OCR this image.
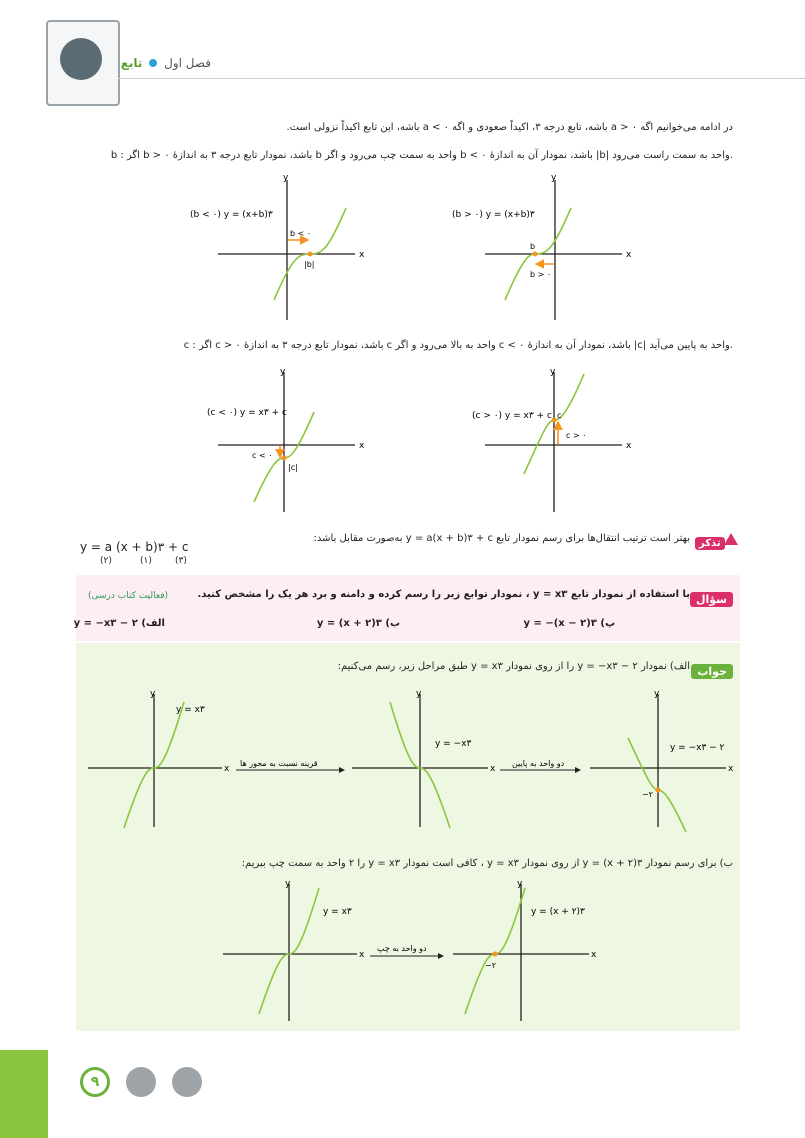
فصل اول  تابع
در ادامه می‌خوانیم اگه a > ۰ باشه، تابع درجه ۳، اکیداً صعودی و اگه a < ۰ باشه، این تابع اکیداً نزولی است.
b : اگر b > ۰ باشد، نمودار تابع درجه ۳ به اندازهٔ b واحد به سمت چپ می‌رود و اگر b < ۰ باشد، نمودار آن به اندازهٔ |b| واحد به سمت راست می‌رود.
x
y
(b < ۰) y = (x+b)۳
b < ۰
|b|
x
y
(b > ۰) y = (x+b)۳
b
b > ۰
c : اگر c > ۰ باشد، نمودار تابع درجه ۳ به اندازهٔ c واحد به بالا می‌رود و اگر c < ۰ باشد، نمودار آن به اندازهٔ |c| واحد به پایین می‌آید.
x
y
(c < ۰) y = x۳ + c
c < ۰
|c|
x
y
(c > ۰) y = x۳ + c c
c > ۰
تذکر
بهتر است ترتیب انتقال‌ها برای رسم نمودار تابع y = a(x + b)۳ + c به‌صورت مقابل باشد:
y = a (x + b)۳ + c
(۲)	(۱)	(۳)
سؤال
با استفاده از نمودار تابع y = x۳ ، نمودار توابع زیر را رسم کرده و دامنه و برد هر یک را مشخص کنید.
(فعالیت کتاب درسی)
الف) y = −x۳ − ۲	ب) y = (x + ۲)۳	پ) y = −(x − ۲)۳
جواب
الف) نمودار y = −x۳ − ۲ را از روی نمودار y = x۳ طبق مراحل زیر، رسم می‌کنیم:
x
y
y = x۳
قرینه نسبت به محور ها
x
y
y = −x۳
دو واحد به پایین
x
y
y = −x۳ − ۲
−۲
ب) برای رسم نمودار y = (x + ۲)۳ از روی نمودار y = x۳ ، کافی است نمودار y = x۳ را ۲ واحد به سمت چپ ببریم:
x
y
y = x۳
دو واحد به چپ
x
y
y = (x + ۲)۳
−۲
۹
